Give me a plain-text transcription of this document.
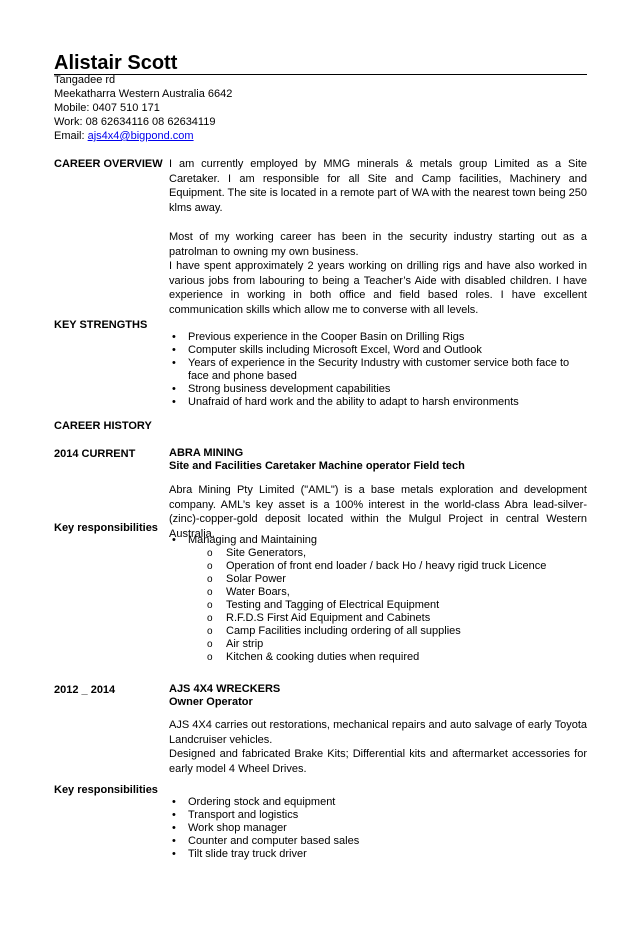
Alistair Scott
Tangadee rd
Meekatharra Western Australia 6642
Mobile: 0407 510 171
Work: 08 62634116 08 62634119
Email: ajs4x4@bigpond.com
CAREER OVERVIEW I am currently employed by MMG minerals & metals group Limited as a Site Caretaker. I am responsible for all Site and Camp facilities, Machinery and Equipment. The site is located in a remote part of WA with the nearest town being 250 klms away.

Most of my working career has been in the security industry starting out as a patrolman to owning my own business.

I have spent approximately 2 years working on drilling rigs and have also worked in various jobs from labouring to being a Teacher’s Aide with disabled children. I have experience in working in both office and field based roles. I have excellent communication skills which allow me to converse with all levels.

KEY STRENGTHS
• Previous experience in the Cooper Basin on Drilling Rigs
• Computer skills including Microsoft Excel, Word and Outlook
• Years of experience in the Security Industry with customer service both face to face and phone based
• Strong business development capabilities
• Unafraid of hard work and the ability to adapt to harsh environments
CAREER HISTORY
2014 CURRENT	ABRA MINING
Site and Facilities Caretaker Machine operator Field tech
Abra Mining Pty Limited ("AML") is a base metals exploration and development company. AML’s key asset is a 100% interest in the world-class Abra lead-silver-(zinc)-copper-gold deposit located within the Mulgul Project in central Western Australia.
Key responsibilities
• Managing and Maintaining
o Site Generators,
o Operation of front end loader / back Ho / heavy rigid truck Licence
o Solar Power
o Water Boars,
o Testing and Tagging of Electrical Equipment
o R.F.D.S First Aid Equipment and Cabinets
o Camp Facilities including ordering of all supplies
o Air strip
o Kitchen & cooking duties when required
2012 _ 2014	AJS 4X4 WRECKERS
Owner Operator

AJS 4X4 carries out restorations, mechanical repairs and auto salvage of early Toyota Landcruiser vehicles.

Designed and fabricated Brake Kits; Differential kits and aftermarket accessories for early model 4 Wheel Drives.

Key responsibilities
• Ordering stock and equipment
• Transport and logistics
• Work shop manager
• Counter and computer based sales
• Tilt slide tray truck driver
